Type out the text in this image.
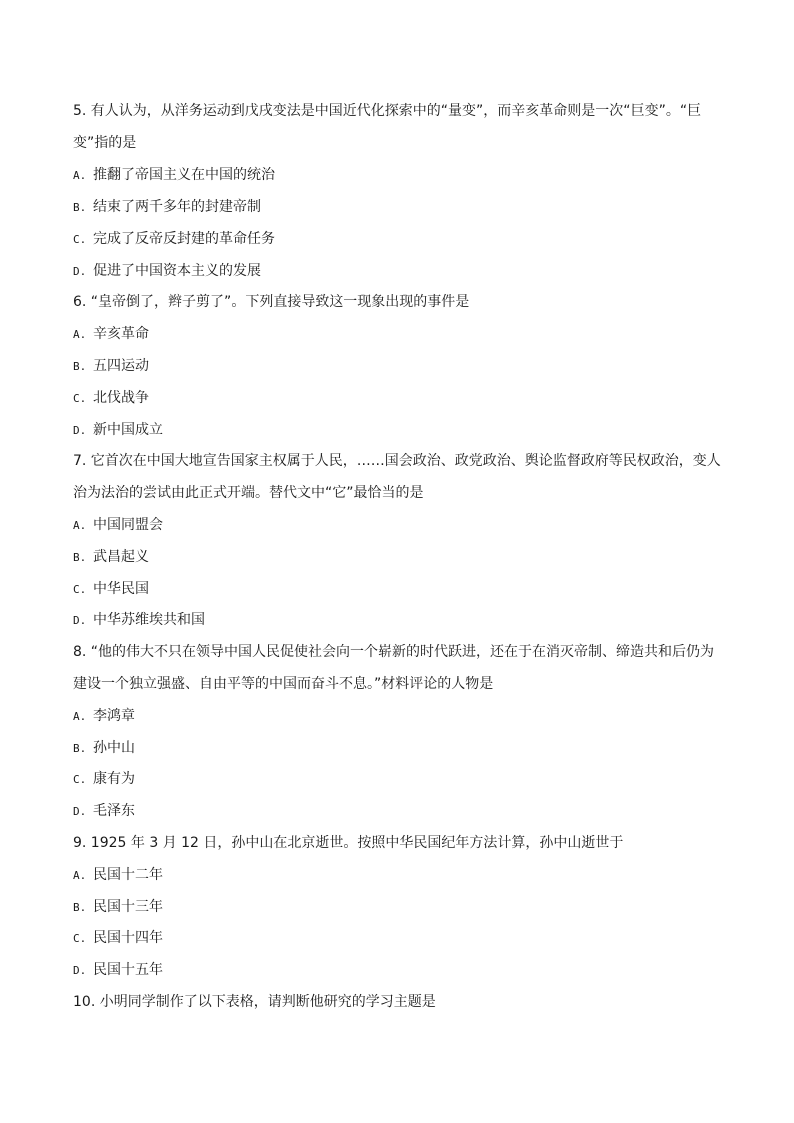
5. 有人认为，从洋务运动到戊戌变法是中国近代化探索中的“量变”，而辛亥革命则是一次“巨变”。“巨
变”指的是
A. 推翻了帝国主义在中国的统治
B. 结束了两千多年的封建帝制
C. 完成了反帝反封建的革命任务
D. 促进了中国资本主义的发展
6. “皇帝倒了，辫子剪了”。下列直接导致这一现象出现的事件是
A. 辛亥革命
B. 五四运动
C. 北伐战争
D. 新中国成立
7. 它首次在中国大地宣告国家主权属于人民，……国会政治、政党政治、舆论监督政府等民权政治，变人
治为法治的尝试由此正式开端。替代文中“它”最恰当的是
A. 中国同盟会
B. 武昌起义
C. 中华民国
D. 中华苏维埃共和国
8. “他的伟大不只在领导中国人民促使社会向一个崭新的时代跃进，还在于在消灭帝制、缔造共和后仍为
建设一个独立强盛、自由平等的中国而奋斗不息。”材料评论的人物是
A. 李鸿章
B. 孙中山
C. 康有为
D. 毛泽东
9. 1925 年 3 月 12 日，孙中山在北京逝世。按照中华民国纪年方法计算，孙中山逝世于
A. 民国十二年
B. 民国十三年
C. 民国十四年
D. 民国十五年
10. 小明同学制作了以下表格，请判断他研究的学习主题是
